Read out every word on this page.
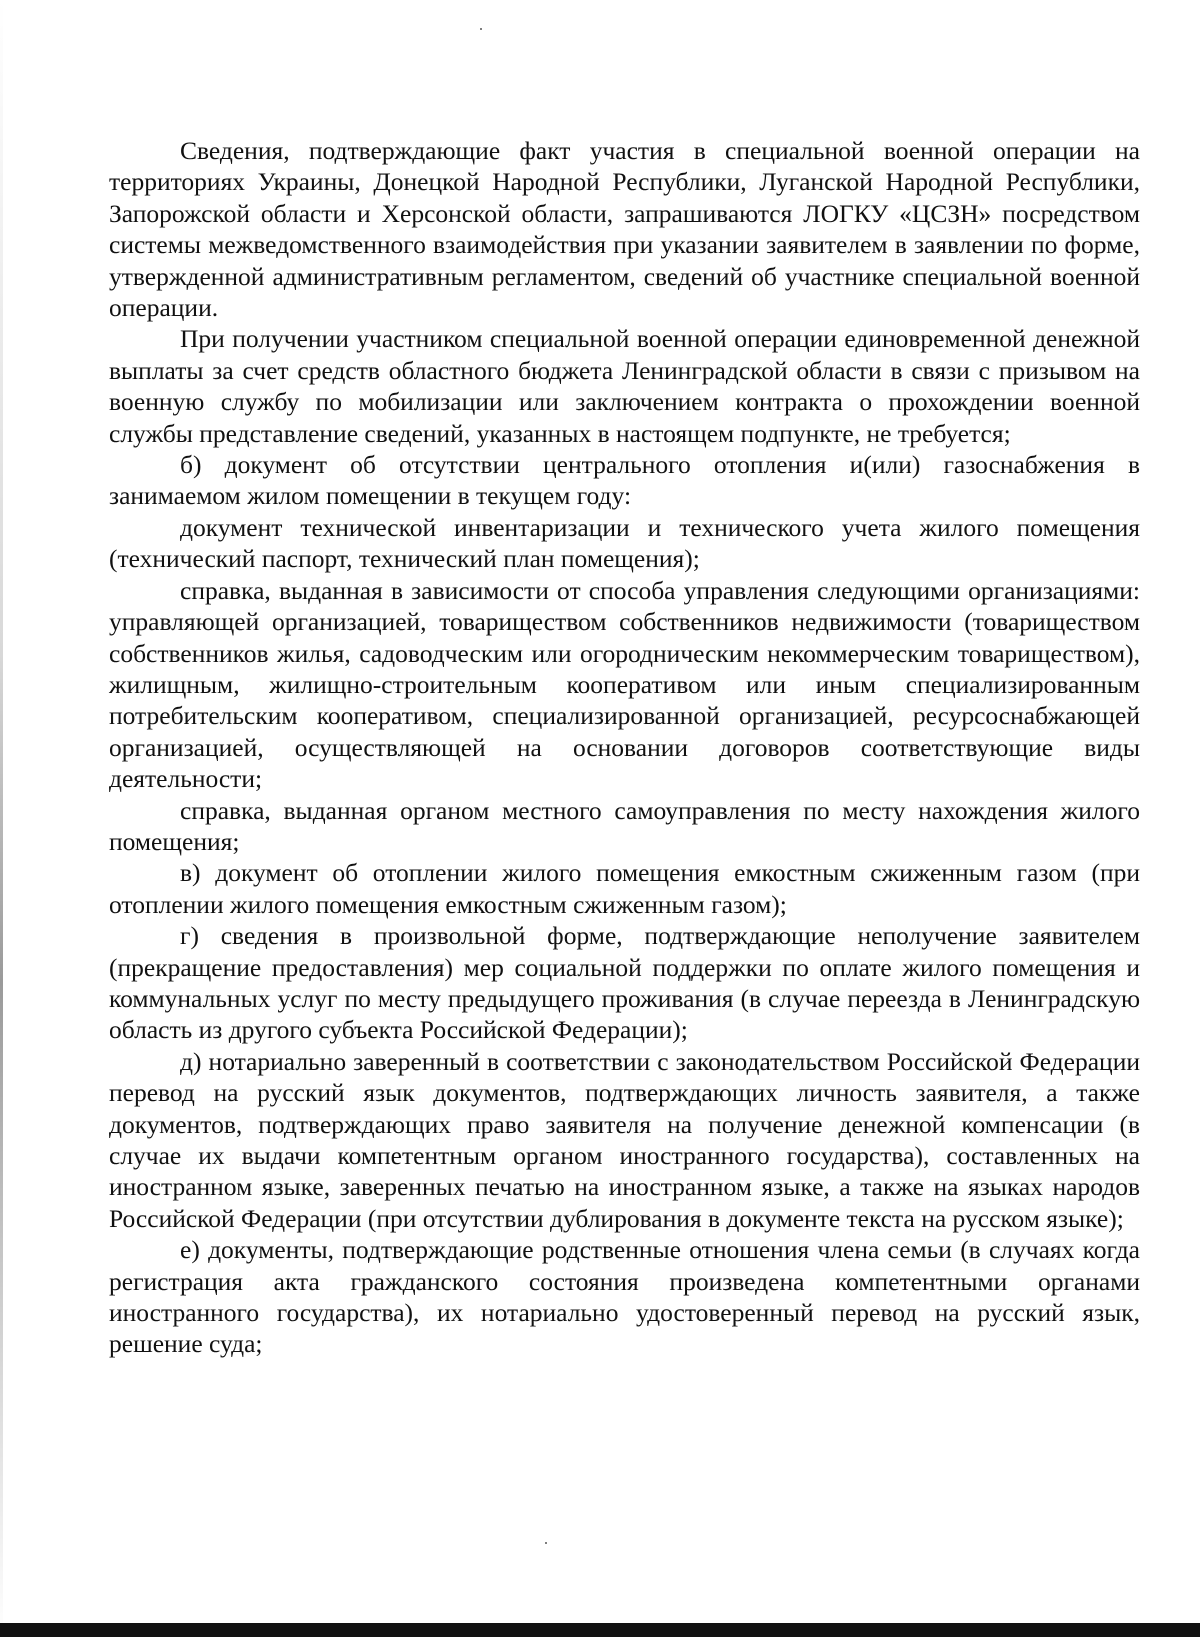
Сведения, подтверждающие факт участия в специальной военной операции на территориях Украины, Донецкой Народной Республики, Луганской Народной Республики, Запорожской области и Херсонской области, запрашиваются ЛОГКУ «ЦСЗН» посредством системы межведомственного взаимодействия при указании заявителем в заявлении по форме, утвержденной административным регламентом, сведений об участнике специальной военной операции.

При получении участником специальной военной операции единовременной денежной выплаты за счет средств областного бюджета Ленинградской области в связи с призывом на военную службу по мобилизации или заключением контракта о прохождении военной службы представление сведений, указанных в настоящем подпункте, не требуется;

б) документ об отсутствии центрального отопления и(или) газоснабжения в занимаемом жилом помещении в текущем году:

документ технической инвентаризации и технического учета жилого помещения (технический паспорт, технический план помещения);

справка, выданная в зависимости от способа управления следующими организациями: управляющей организацией, товариществом собственников недвижимости (товариществом собственников жилья, садоводческим или огородническим некоммерческим товариществом), жилищным, жилищно-строительным кооперативом или иным специализированным потребительским кооперативом, специализированной организацией, ресурсоснабжающей организацией, осуществляющей на основании договоров соответствующие виды деятельности;

справка, выданная органом местного самоуправления по месту нахождения жилого помещения;

в) документ об отоплении жилого помещения емкостным сжиженным газом (при отоплении жилого помещения емкостным сжиженным газом);

г) сведения в произвольной форме, подтверждающие неполучение заявителем (прекращение предоставления) мер социальной поддержки по оплате жилого помещения и коммунальных услуг по месту предыдущего проживания (в случае переезда в Ленинградскую область из другого субъекта Российской Федерации);

д) нотариально заверенный в соответствии с законодательством Российской Федерации перевод на русский язык документов, подтверждающих личность заявителя, а также документов, подтверждающих право заявителя на получение денежной компенсации (в случае их выдачи компетентным органом иностранного государства), составленных на иностранном языке, заверенных печатью на иностранном языке, а также на языках народов Российской Федерации (при отсутствии дублирования в документе текста на русском языке);

е) документы, подтверждающие родственные отношения члена семьи (в случаях когда регистрация акта гражданского состояния произведена компетентными органами иностранного государства), их нотариально удостоверенный перевод на русский язык, решение суда;
